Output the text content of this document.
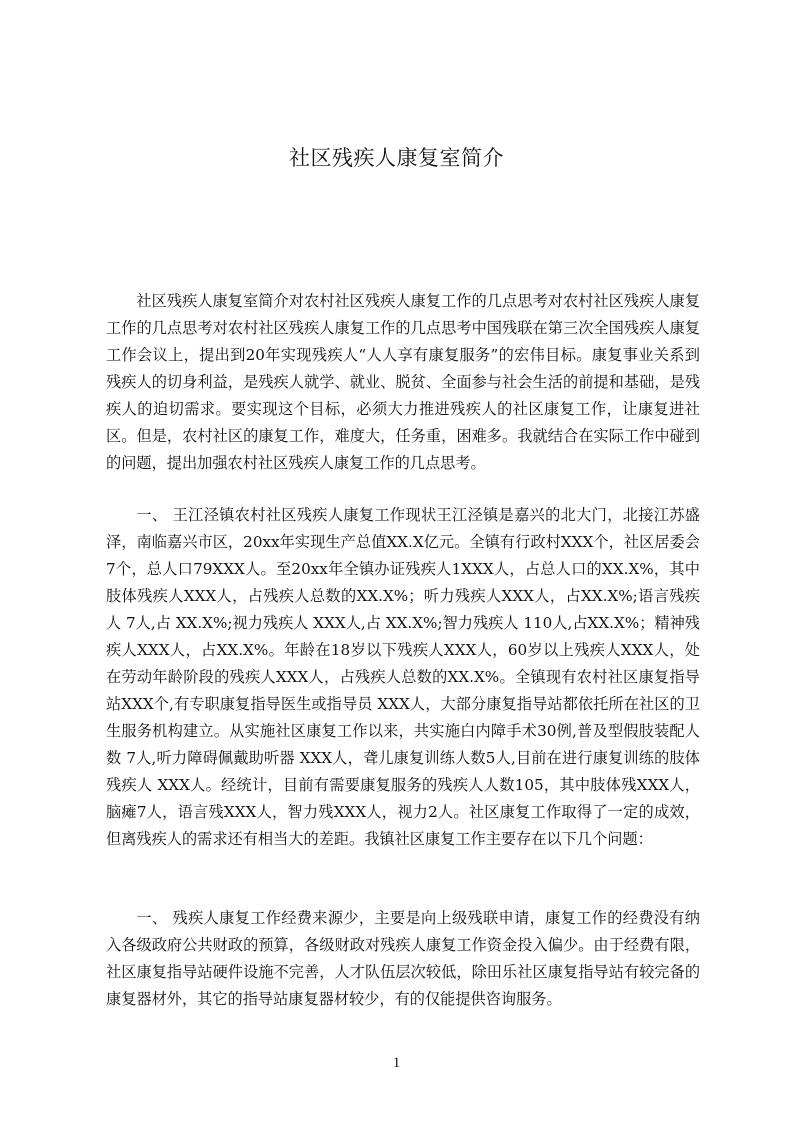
社区残疾人康复室简介

社区残疾人康复室简介对农村社区残疾人康复工作的几点思考对农村社区残疾人康复工作的几点思考对农村社区残疾人康复工作的几点思考中国残联在第三次全国残疾人康复工作会议上，提出到20年实现残疾人“人人享有康复服务”的宏伟目标。康复事业关系到残疾人的切身利益，是残疾人就学、就业、脱贫、全面参与社会生活的前提和基础，是残疾人的迫切需求。要实现这个目标，必须大力推进残疾人的社区康复工作，让康复进社区。但是，农村社区的康复工作，难度大，任务重，困难多。我就结合在实际工作中碰到的问题，提出加强农村社区残疾人康复工作的几点思考。

一、 王江泾镇农村社区残疾人康复工作现状王江泾镇是嘉兴的北大门，北接江苏盛泽，南临嘉兴市区，20xx年实现生产总值XX.X亿元。全镇有行政村XXX个，社区居委会7个，总人口79XXX人。至20xx年全镇办证残疾人1XXX人，占总人口的XX.X%，其中肢体残疾人XXX人，占残疾人总数的XX.X%；听力残疾人XXX人，占XX.X%;语言残疾人 7人,占 XX.X%;视力残疾人 XXX人,占 XX.X%;智力残疾人 110人,占XX.X%；精神残疾人XXX人，占XX.X%。年龄在18岁以下残疾人XXX人，60岁以上残疾人XXX人，处在劳动年龄阶段的残疾人XXX人，占残疾人总数的XX.X%。全镇现有农村社区康复指导站XXX个,有专职康复指导医生或指导员 XXX人，大部分康复指导站都依托所在社区的卫生服务机构建立。从实施社区康复工作以来，共实施白内障手术30例,普及型假肢装配人数 7人,听力障碍佩戴助听器 XXX人，聋儿康复训练人数5人,目前在进行康复训练的肢体残疾人 XXX人。经统计，目前有需要康复服务的残疾人人数105，其中肢体残XXX人，脑瘫7人，语言残XXX人，智力残XXX人，视力2人。社区康复工作取得了一定的成效，但离残疾人的需求还有相当大的差距。我镇社区康复工作主要存在以下几个问题：

一、 残疾人康复工作经费来源少，主要是向上级残联申请，康复工作的经费没有纳入各级政府公共财政的预算，各级财政对残疾人康复工作资金投入偏少。由于经费有限，社区康复指导站硬件设施不完善，人才队伍层次较低，除田乐社区康复指导站有较完备的康复器材外，其它的指导站康复器材较少，有的仅能提供咨询服务。

1
